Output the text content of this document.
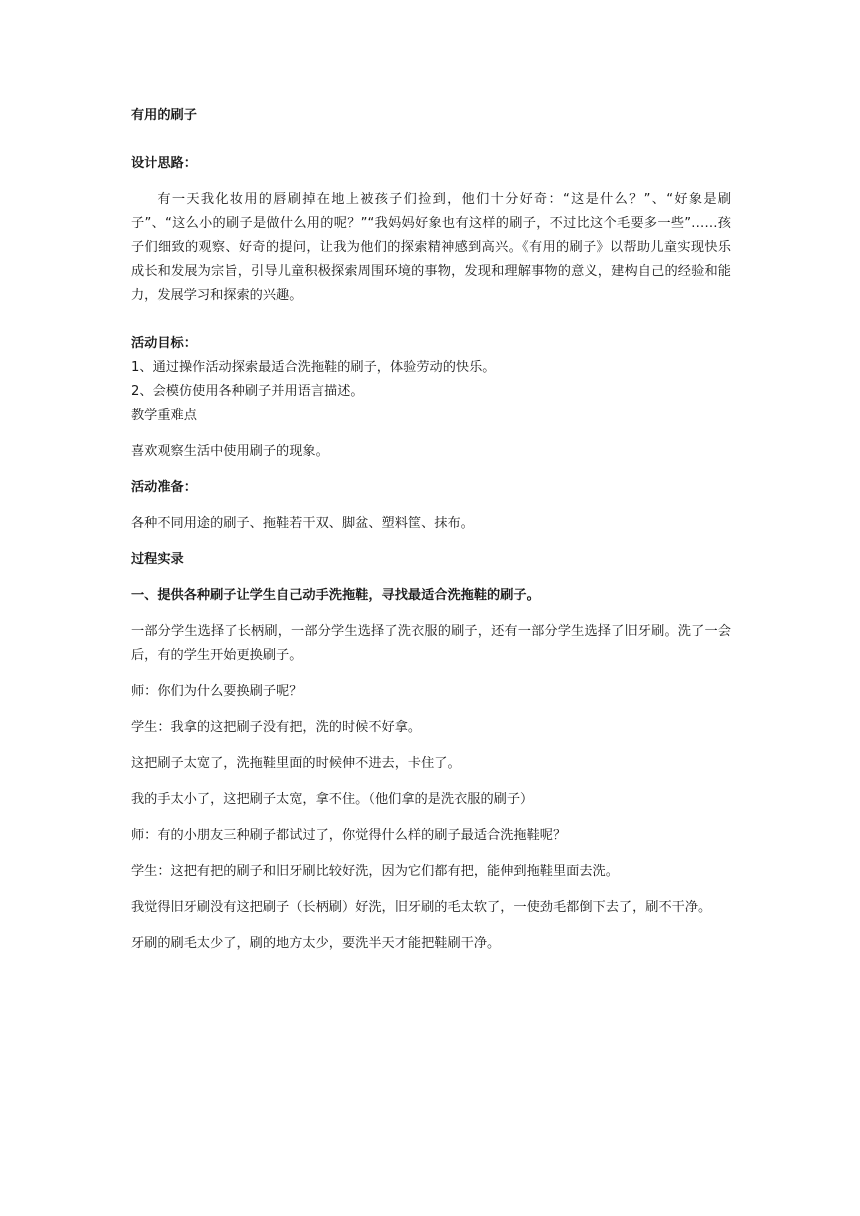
有用的刷子

设计思路：

有一天我化妆用的唇刷掉在地上被孩子们捡到，他们十分好奇：“这是什么？”、“好象是刷子”、“这么小的刷子是做什么用的呢？”“我妈妈好象也有这样的刷子，不过比这个毛要多一些”……孩子们细致的观察、好奇的提问，让我为他们的探索精神感到高兴。《有用的刷子》以帮助儿童实现快乐成长和发展为宗旨，引导儿童积极探索周围环境的事物，发现和理解事物的意义，建构自己的经验和能力，发展学习和探索的兴趣。

活动目标：

1、通过操作活动探索最适合洗拖鞋的刷子，体验劳动的快乐。

2、会模仿使用各种刷子并用语言描述。

教学重难点

喜欢观察生活中使用刷子的现象。

活动准备：

各种不同用途的刷子、拖鞋若干双、脚盆、塑料筐、抹布。

过程实录

一、提供各种刷子让学生自己动手洗拖鞋，寻找最适合洗拖鞋的刷子。

一部分学生选择了长柄刷，一部分学生选择了洗衣服的刷子，还有一部分学生选择了旧牙刷。洗了一会后，有的学生开始更换刷子。

师：你们为什么要换刷子呢？

学生：我拿的这把刷子没有把，洗的时候不好拿。

这把刷子太宽了，洗拖鞋里面的时候伸不进去，卡住了。

我的手太小了，这把刷子太宽，拿不住。（他们拿的是洗衣服的刷子）

师：有的小朋友三种刷子都试过了，你觉得什么样的刷子最适合洗拖鞋呢？

学生：这把有把的刷子和旧牙刷比较好洗，因为它们都有把，能伸到拖鞋里面去洗。

我觉得旧牙刷没有这把刷子（长柄刷）好洗，旧牙刷的毛太软了，一使劲毛都倒下去了，刷不干净。

牙刷的刷毛太少了，刷的地方太少，要洗半天才能把鞋刷干净。
